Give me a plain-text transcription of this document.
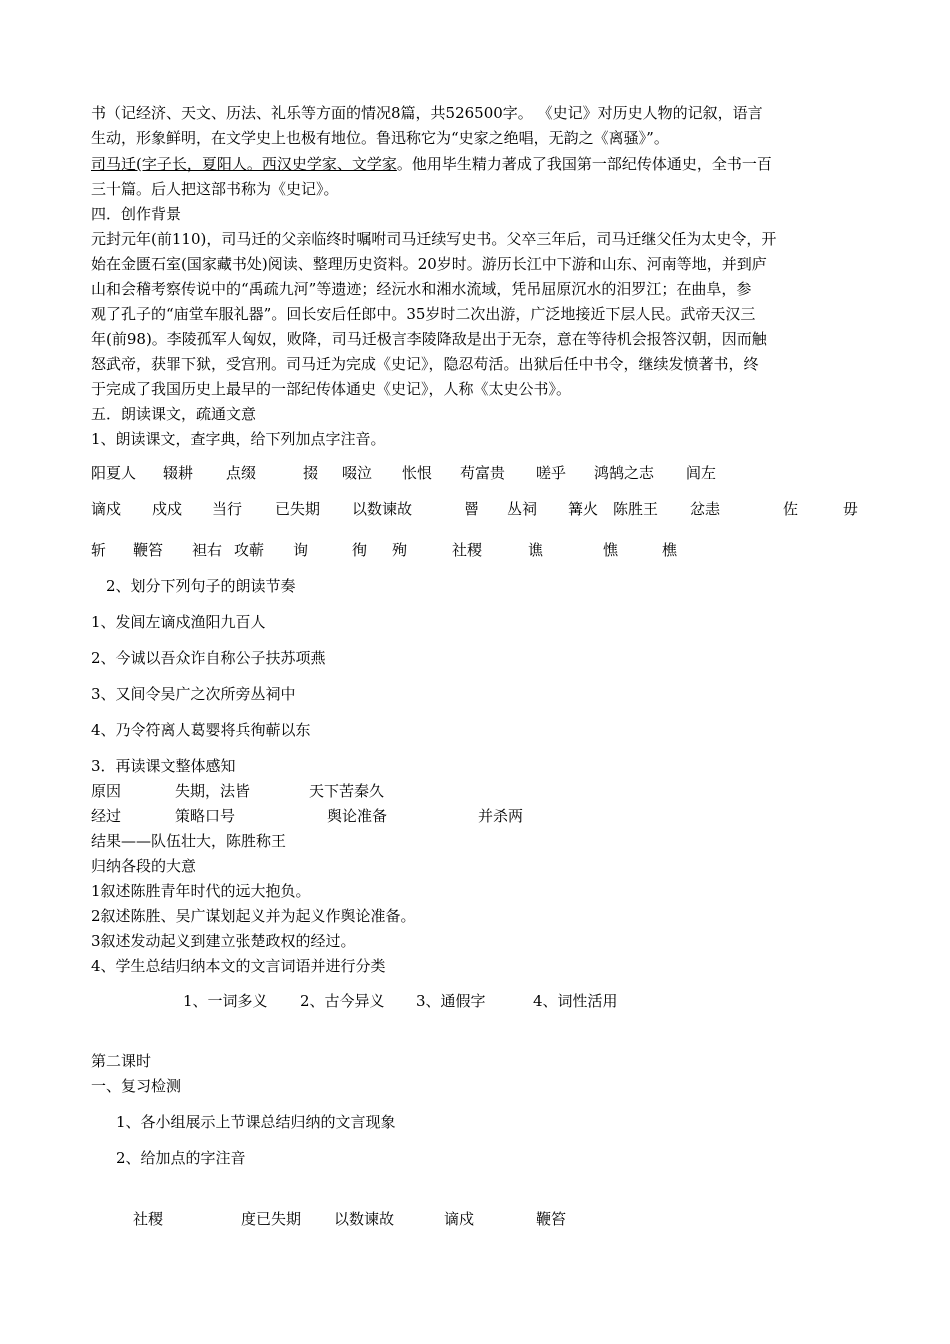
书（记经济、天文、历法、礼乐等方面的情况8篇，共526500字。 《史记》对历史人物的记叙，语言
生动，形象鲜明，在文学史上也极有地位。鲁迅称它为“史家之绝唱，无韵之《离骚》”。
司马迁(字子长，夏阳人。西汉史学家、文学家。他用毕生精力著成了我国第一部纪传体通史，全书一百
三十篇。后人把这部书称为《史记》。
四．创作背景
元封元年(前110)，司马迁的父亲临终时嘱咐司马迁续写史书。父卒三年后，司马迁继父任为太史令，开
始在金匮石室(国家藏书处)阅读、整理历史资料。20岁时。游历长江中下游和山东、河南等地，并到庐
山和会稽考察传说中的“禹疏九河”等遗迹；经沅水和湘水流域，凭吊屈原沉水的汨罗江；在曲阜，参
观了孔子的“庙堂车服礼器”。回长安后任郎中。35岁时二次出游，广泛地接近下层人民。武帝天汉三
年(前98)。李陵孤军人匈奴，败降，司马迁极言李陵降敌是出于无奈，意在等待机会报答汉朝，因而触
怒武帝，获罪下狱，受宫刑。司马迁为完成《史记》，隐忍苟活。出狱后任中书令，继续发愤著书，终
于完成了我国历史上最早的一部纪传体通史《史记》，人称《太史公书》。
五．朗读课文，疏通文意
1、朗读课文，查字典，给下列加点字注音。
阳夏人 辍耕 点缀	掇 啜泣 怅恨 苟富贵 嗟乎 鸿鹄之志 闾左
谪戍 戍戍 当行 已失期 以数谏故	罾 丛祠 篝火 陈胜王 忿恚	佐	毋
斩 鞭笞 袒右 攻蕲 询	徇 殉	社稷	谯	憔	樵
2、划分下列句子的朗读节奏
1、发闾左谪戍渔阳九百人
2、今诚以吾众诈自称公子扶苏项燕
3、又间令吴广之次所旁丛祠中
4、乃令符离人葛婴将兵徇蕲以东
3．再读课文整体感知
原因	失期，法皆	天下苦秦久
经过	策略口号	舆论准备	并杀两
结果——队伍壮大，陈胜称王
归纳各段的大意
1叙述陈胜青年时代的远大抱负。
2叙述陈胜、吴广谋划起义并为起义作舆论准备。
3叙述发动起义到建立张楚政权的经过。
4、学生总结归纳本文的文言词语并进行分类
1、一词多义 2、古今异义 3、通假字	4、词性活用
第二课时
一、复习检测
1、各小组展示上节课总结归纳的文言现象
2、给加点的字注音
社稷	度已失期 以数谏故	谪戍	鞭笞
